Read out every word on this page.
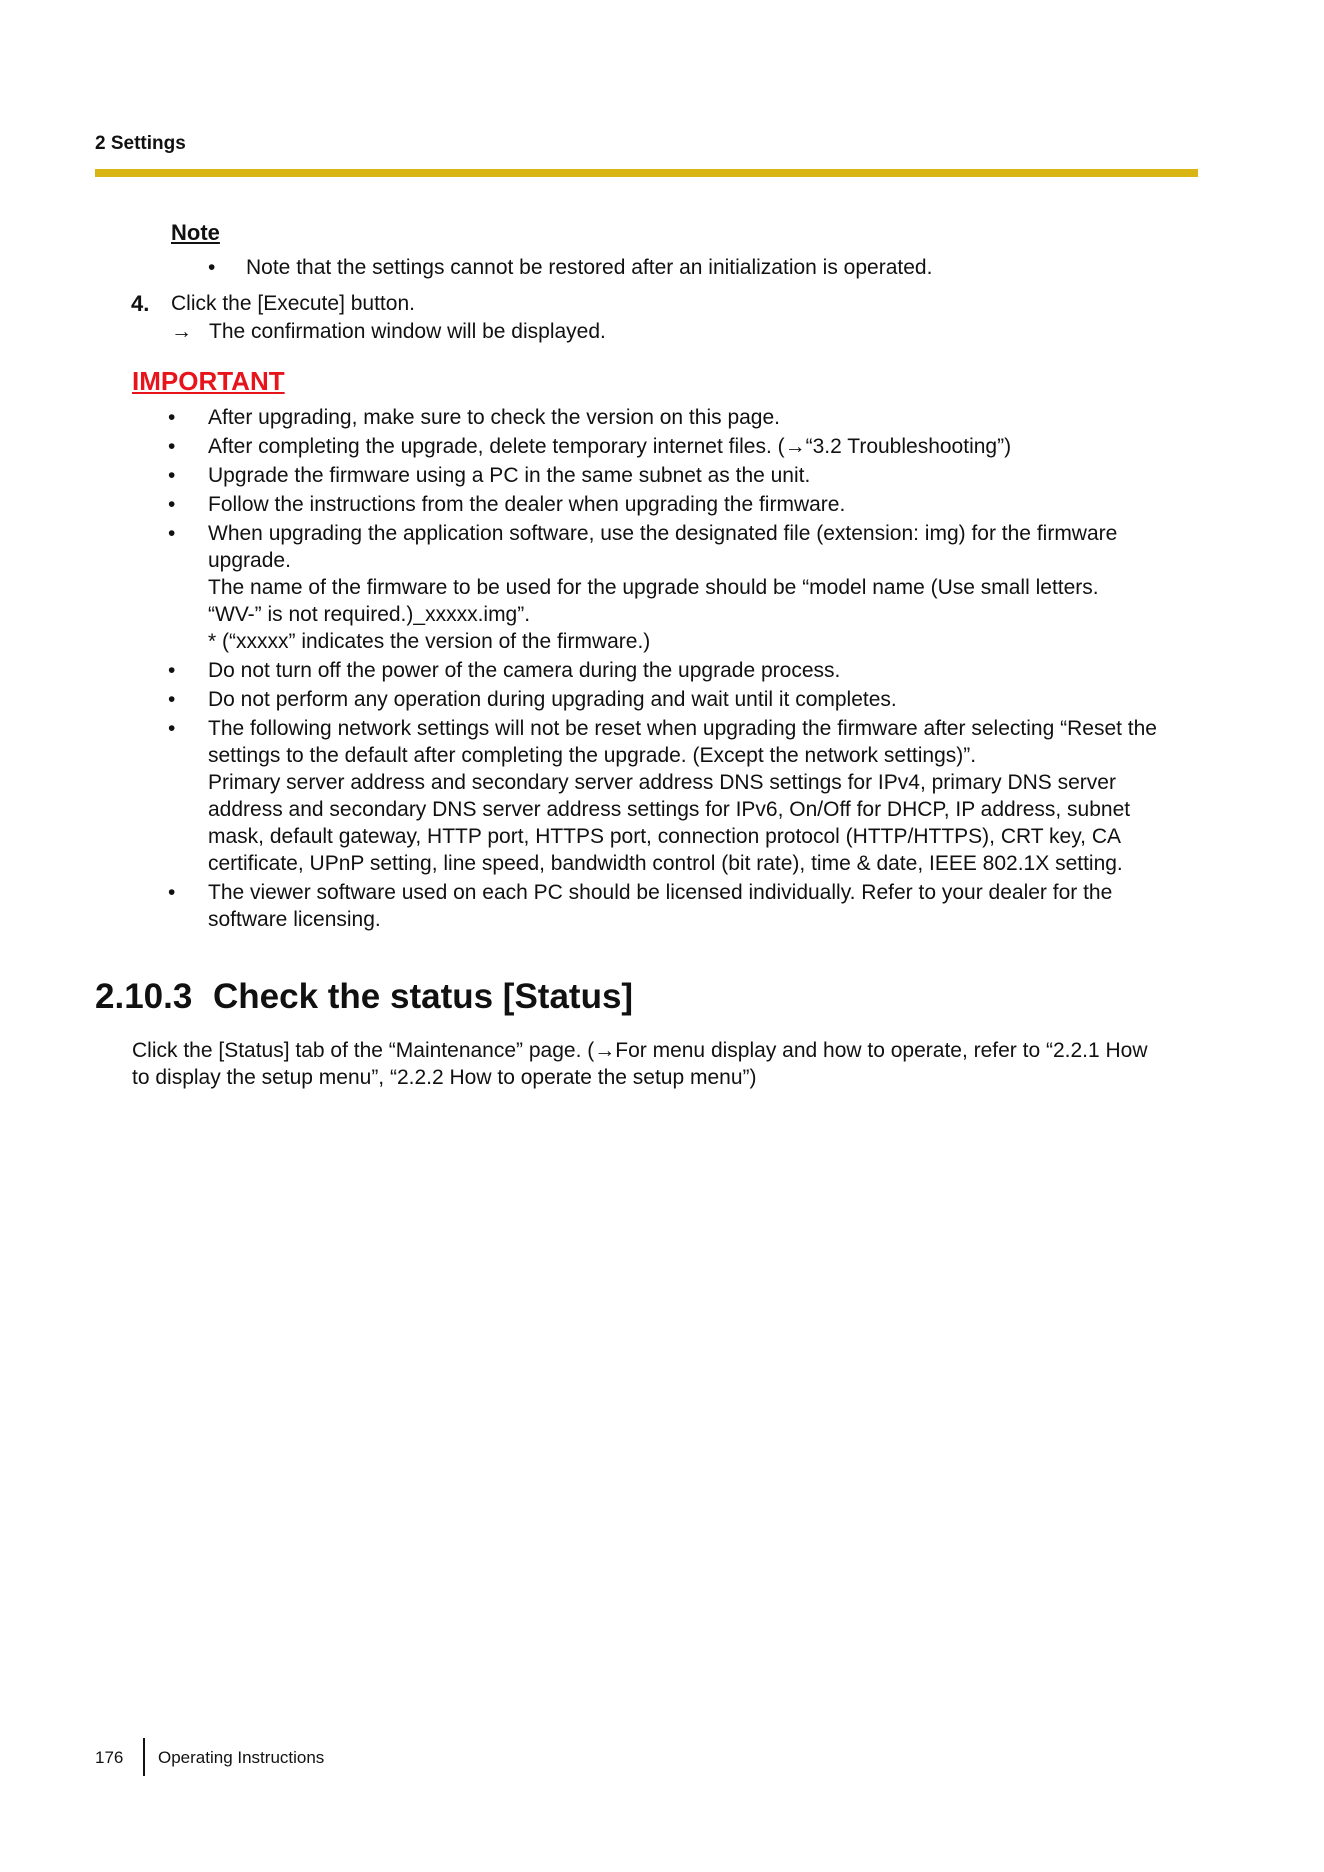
2 Settings
Note
• Note that the settings cannot be restored after an initialization is operated.
4. Click the [Execute] button.
→ The confirmation window will be displayed.
IMPORTANT
• After upgrading, make sure to check the version on this page.
• After completing the upgrade, delete temporary internet files. (→“3.2 Troubleshooting”)
• Upgrade the firmware using a PC in the same subnet as the unit.
• Follow the instructions from the dealer when upgrading the firmware.
• When upgrading the application software, use the designated file (extension: img) for the firmware
upgrade.
The name of the firmware to be used for the upgrade should be “model name (Use small letters.
“WV-” is not required.)_xxxxx.img”.
* (“xxxxx” indicates the version of the firmware.)
• Do not turn off the power of the camera during the upgrade process.
• Do not perform any operation during upgrading and wait until it completes.
• The following network settings will not be reset when upgrading the firmware after selecting “Reset the
settings to the default after completing the upgrade. (Except the network settings)”.
Primary server address and secondary server address DNS settings for IPv4, primary DNS server
address and secondary DNS server address settings for IPv6, On/Off for DHCP, IP address, subnet
mask, default gateway, HTTP port, HTTPS port, connection protocol (HTTP/HTTPS), CRT key, CA
certificate, UPnP setting, line speed, bandwidth control (bit rate), time & date, IEEE 802.1X setting.
• The viewer software used on each PC should be licensed individually. Refer to your dealer for the
software licensing.
2.10.3 Check the status [Status]

Click the [Status] tab of the “Maintenance” page. (→For menu display and how to operate, refer to “2.2.1 How
to display the setup menu”, “2.2.2 How to operate the setup menu”)

176 Operating Instructions
